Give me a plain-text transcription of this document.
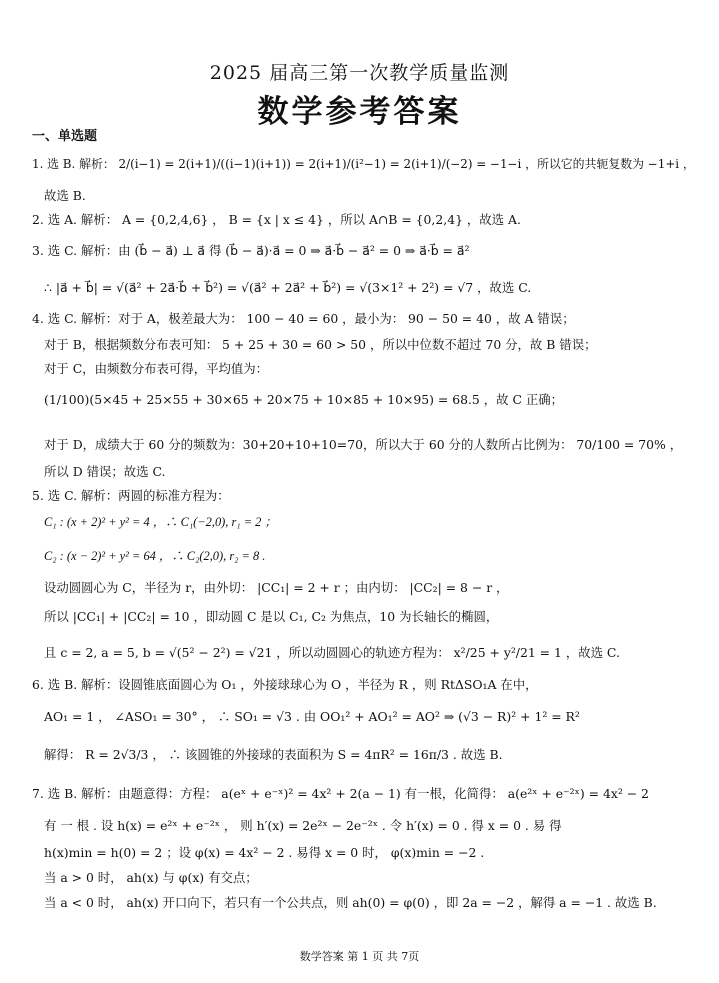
2025 届高三第一次教学质量监测
数学参考答案
一、单选题
1. 选 B. 解析： 2/(i−1) = 2(i+1)/((i−1)(i+1)) = 2(i+1)/(i²−1) = 2(i+1)/(−2) = −1−i ，所以它的共轭复数为 −1+i ，
故选 B.
2. 选 A. 解析： A = {0,2,4,6} ， B = {x | x ≤ 4} ，所以 A∩B = {0,2,4} ，故选 A.
3. 选 C. 解析：由 (b⃗ − a⃗) ⊥ a⃗ 得 (b⃗ − a⃗)·a⃗ = 0 ⇒ a⃗·b⃗ − a⃗² = 0 ⇒ a⃗·b⃗ = a⃗²
∴ |a⃗ + b⃗| = √(a⃗² + 2a⃗·b⃗ + b⃗²) = √(a⃗² + 2a⃗² + b⃗²) = √(3×1² + 2²) = √7 ，故选 C.
4. 选 C. 解析：对于 A，极差最大为： 100 − 40 = 60 ，最小为： 90 − 50 = 40 ，故 A 错误；
对于 B，根据频数分布表可知： 5 + 25 + 30 = 60 > 50 ，所以中位数不超过 70 分，故 B 错误；
对于 C，由频数分布表可得，平均值为：
(1/100)(5×45 + 25×55 + 30×65 + 20×75 + 10×85 + 10×95) = 68.5 ，故 C 正确；
对于 D，成绩大于 60 分的频数为：30+20+10+10=70，所以大于 60 分的人数所占比例为： 70/100 = 70% ，
所以 D 错误；故选 C.
5. 选 C. 解析：两圆的标准方程为：
C₁ : (x + 2)² + y² = 4 ，∴ C₁(−2,0), r₁ = 2 ；
C₂ : (x − 2)² + y² = 64 ，∴ C₂(2,0), r₂ = 8 .
设动圆圆心为 C，半径为 r，由外切： |CC₁| = 2 + r ；由内切： |CC₂| = 8 − r ，
所以 |CC₁| + |CC₂| = 10 ，即动圆 C 是以 C₁, C₂ 为焦点，10 为长轴长的椭圆，
且 c = 2, a = 5, b = √(5² − 2²) = √21 ，所以动圆圆心的轨迹方程为： x²/25 + y²/21 = 1 ，故选 C.
6. 选 B. 解析：设圆锥底面圆心为 O₁ ，外接球球心为 O ，半径为 R ，则 RtΔSO₁A 在中，
AO₁ = 1 ， ∠ASO₁ = 30° ， ∴ SO₁ = √3 . 由 OO₁² + AO₁² = AO² ⇒ (√3 − R)² + 1² = R²
解得： R = 2√3/3 ， ∴ 该圆锥的外接球的表面积为 S = 4πR² = 16π/3 . 故选 B.
7. 选 B. 解析：由题意得：方程： a(eˣ + e⁻ˣ)² = 4x² + 2(a − 1) 有一根，化简得： a(e²ˣ + e⁻²ˣ) = 4x² − 2
有 一 根 . 设 h(x) = e²ˣ + e⁻²ˣ ， 则 h′(x) = 2e²ˣ − 2e⁻²ˣ . 令 h′(x) = 0 . 得 x = 0 . 易 得
h(x)min = h(0) = 2 ；设 φ(x) = 4x² − 2 . 易得 x = 0 时， φ(x)min = −2 .
当 a > 0 时， ah(x) 与 φ(x) 有交点；
当 a < 0 时， ah(x) 开口向下，若只有一个公共点，则 ah(0) = φ(0) ，即 2a = −2 ，解得 a = −1 . 故选 B.
数学答案 第 1 页 共 7页
